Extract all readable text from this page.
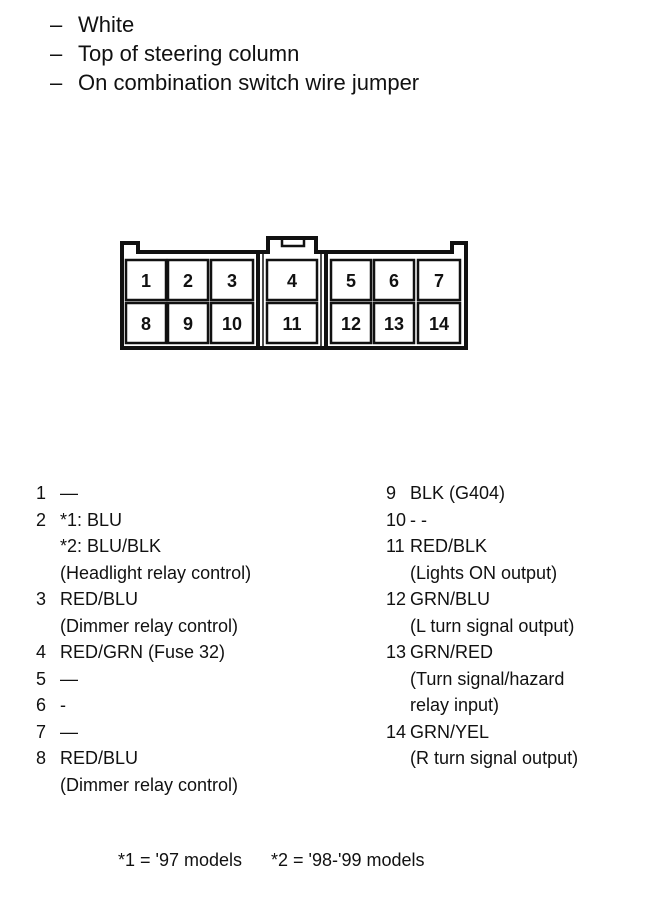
– White
– Top of steering column
– On combination switch wire jumper
1 2 3	4	5 6 7
8 9 10 11 12 13 14
1 —
2 *1: BLU
*2: BLU/BLK
(Headlight relay control)
3 RED/BLU
(Dimmer relay control)
4 RED/GRN (Fuse 32)
5 —
6 -
7 —
8 RED/BLU
(Dimmer relay control)
9 BLK (G404)
10 - -
11 RED/BLK
(Lights ON output)
12 GRN/BLU
(L turn signal output)
13 GRN/RED
(Turn signal/hazard
relay input)
14 GRN/YEL
(R turn signal output)
*1 = '97 models *2 = '98-'99 models
